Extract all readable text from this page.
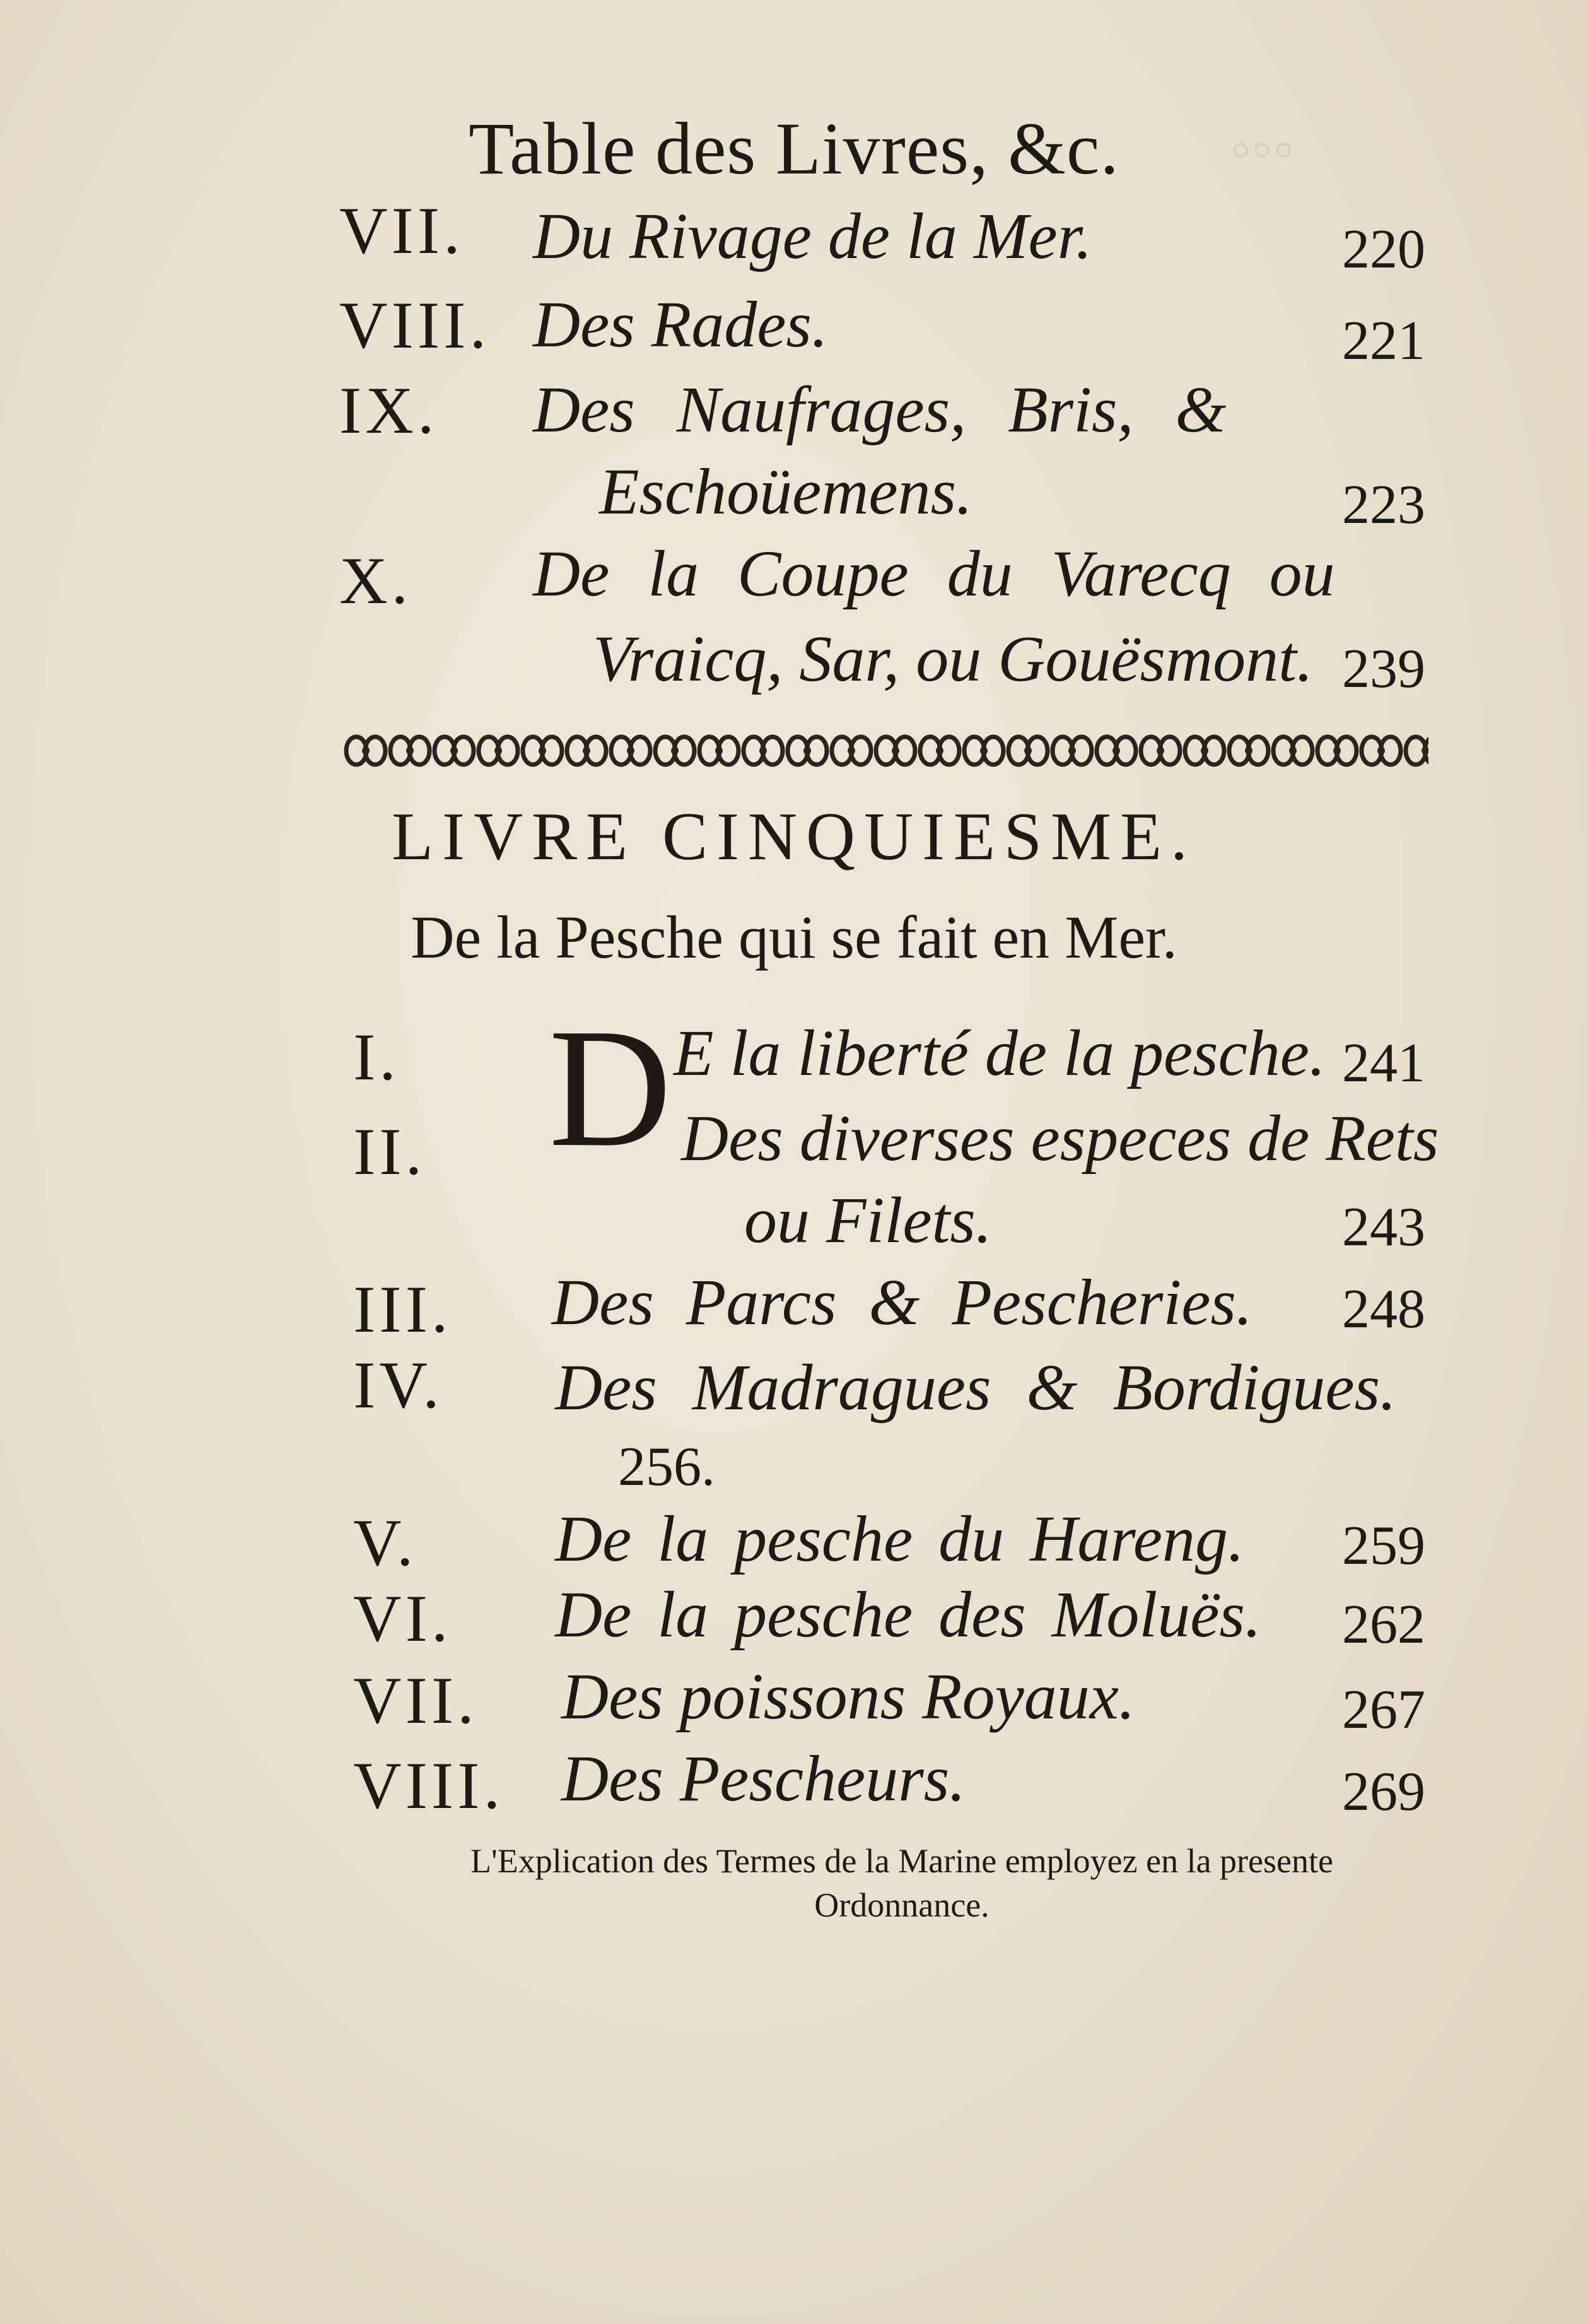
◦◦◦
Table des Livres, &c.
VII. Du Rivage de la Mer.	220
VIII. Des Rades.	221
IX. Des Naufrages, Bris, &
Eschoüemens.	223
X. De la Coupe du Varecq ou
Vraicq, Sar, ou Gouësmont. 239
LIVRE CINQUIESME.
De la Pesche qui se fait en Mer.
D
I.	E la liberté de la pesche. 241
II.	Des diverses especes de Rets
ou Filets.	243
III. Des Parcs & Pescheries.	248
IV. Des Madragues & Bordigues.
256.
V. De la pesche du Hareng.	259
VI. De la pesche des Moluës.	262
VII. Des poissons Royaux.	267
VIII. Des Pescheurs.	269
L'Explication des Termes de la Marine employez en la presente
Ordonnance.
